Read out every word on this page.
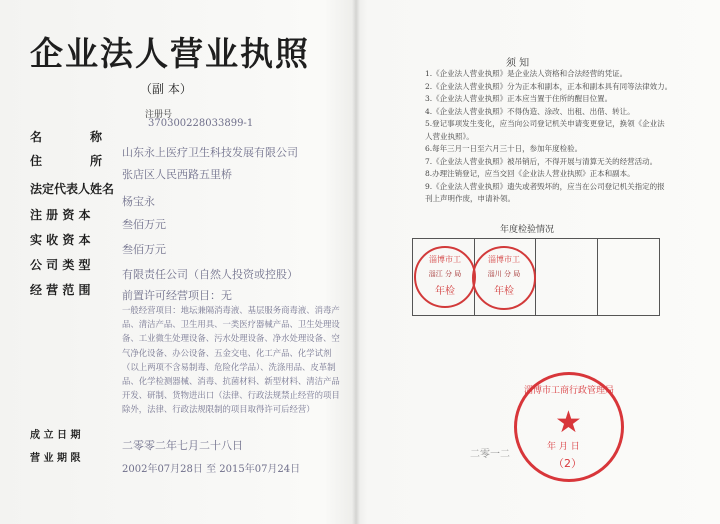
企业法人营业执照
（副 本）
注册号
370300228033899-1
名　　　　称
山东永上医疗卫生科技发展有限公司
住　　　　所
张店区人民西路五里桥
法定代表人姓名
杨宝永
注 册 资 本
叁佰万元
实 收 资 本
叁佰万元
公 司 类 型
有限责任公司（自然人投资或控股）
经 营 范 围	前置许可经营项目：无
一般经营项目：地坛兼隔消毒液、基层服务商毒液、消毒产品、清洁产品、卫生用具、一类医疗器械产品、卫生处理设备、工业微生处理设备、污水处理设备、净水处理设备、空气净化设备、办公设备、五金交电、化工产品、化学试剂（以上两项不含易制毒、危险化学品）、洗涤用品、皮革制品、化学检测器械、消毒、抗菌材料、新型材料、清洁产品开发、研制、货物进出口（法律、行政法规禁止经营的项目除外，法律、行政法规限制的项目取得许可后经营）
成 立 日 期
二零零二年七月二十八日
营 业 期 限
2002年07月28日 至 2015年07月24日
须 知
1.《企业法人营业执照》是企业法人资格和合法经营的凭证。
2.《企业法人营业执照》分为正本和副本，正本和副本具有同等法律效力。
3.《企业法人营业执照》正本应当置于住所的醒目位置。
4.《企业法人营业执照》不得伪造、涂改、出租、出借、转让。
5.登记事项发生变化，应当向公司登记机关申请变更登记，换领《企业法
人营业执照》。
6.每年三月一日至六月三十日，参加年度检验。
7.《企业法人营业执照》被吊销后，不得开展与清算无关的经营活动。
8.办理注销登记，应当交回《企业法人营业执照》正本和副本。
9.《企业法人营业执照》遗失或者毁坏的，应当在公司登记机关指定的报
刊上声明作废，申请补领。
年度检验情况
淄博市工
淄江 分 局
年检
淄博市工
淄川 分 局
年检
二零一二
淄博市工商行政管理局
★
年 月 日
（2）
